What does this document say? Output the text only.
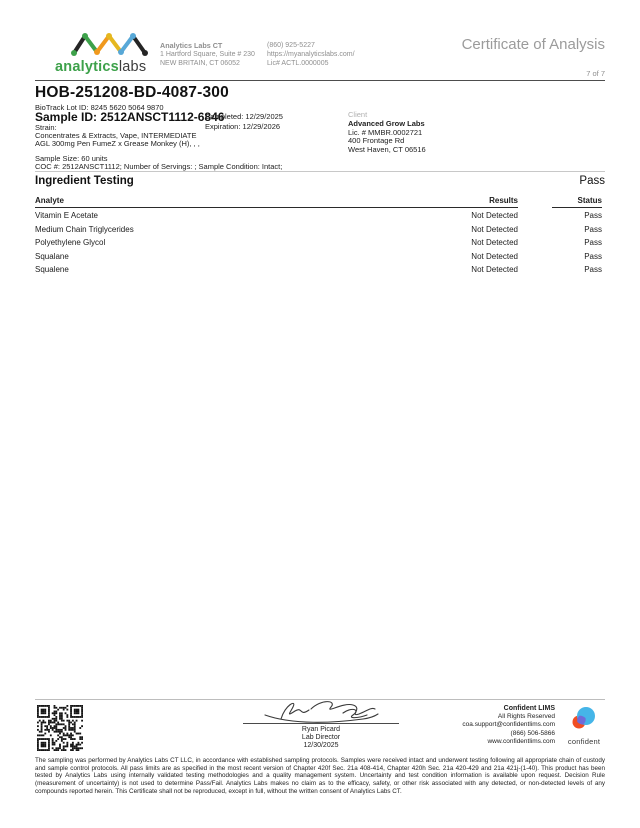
analyticslabs
Analytics Labs CT
1 Hartford Square, Suite # 230
NEW BRITAIN, CT 06052
(860) 925-5227
https://myanalyticslabs.com/
Lic# ACTL.0000005
Certificate of Analysis
7 of 7
HOB-251208-BD-4087-300
BioTrack Lot ID: 8245 5620 5064 9870
Sample ID: 2512ANSCT1112-6846
Completed: 12/29/2025
Expiration: 12/29/2026
Client
Advanced Grow Labs
Lic. # MMBR.0002721
400 Frontage Rd
West Haven, CT 06516
Strain:
Concentrates & Extracts, Vape, INTERMEDIATE
AGL 300mg Pen FumeZ x Grease Monkey (H), , ,
Sample Size: 60 units
COC #: 2512ANSCT1112; Number of Servings: ; Sample Condition: Intact;
Ingredient Testing	Pass
Analyte	Results	Status
Vitamin E Acetate	Not Detected	Pass
Medium Chain Triglycerides	Not Detected	Pass
Polyethylene Glycol	Not Detected	Pass
Squalane	Not Detected	Pass
Squalene	Not Detected	Pass
Ryan Picard
Lab Director
12/30/2025
Confident LIMS
All Rights Reserved
coa.support@confidentlims.com
(866) 506-5866
www.confidentlims.com	confident

The sampling was performed by Analytics Labs CT LLC, in accordance with established sampling protocols. Samples were received intact and underwent testing following all appropriate chain of custody and sample control protocols. All pass limits are as specified in the most recent version of Chapter 420f Sec. 21a 408-414, Chapter 420h Sec. 21a 420-429 and 21a 421j-(1-40). This product has been tested by Analytics Labs using internally validated testing methodologies and a quality management system. Uncertainty and test condition information is available upon request. Decision Rule (measurement of uncertainty) is not used to determine Pass/Fail. Analytics Labs makes no claim as to the efficacy, safety, or other risk associated with any detected, or non-detected levels of any compounds reported herein. This Certificate shall not be reproduced, except in full, without the written consent of Analytics Labs CT.
